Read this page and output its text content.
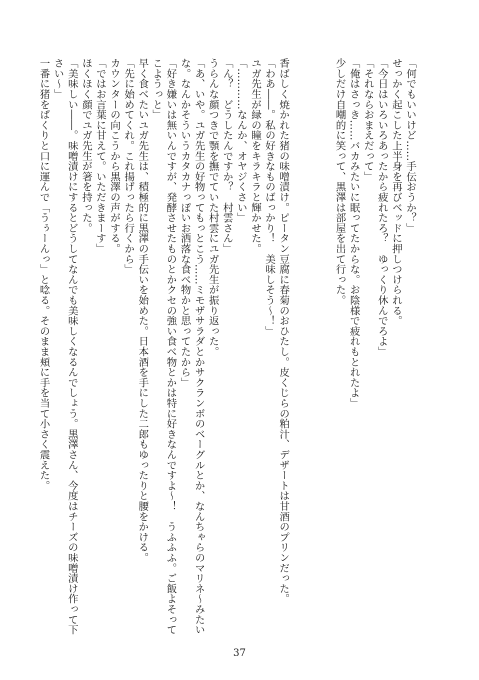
「何でもいいけど……手伝おうか？」
せっかく起こした上半身を再びベッドに押しつけられる。
「今日はいろいろあったから疲れたろ？　ゆっくり休んでろよ」
「それならおまえだって」
「俺はさっき……バカみたいに眠ってたからな。お陰様で疲れもとれたよ」
少しだけ自嘲的に笑って、黒澤は部屋を出て行った。

香ばしく焼かれた猪の味噌漬け。ピータン豆腐に春菊のおひたし。皮くじらの粕汁、デザートは甘酒のプリンだった。
「わあ――。私の好きなものばっかり！　美味しそう～！」
ユガ先生が緑の瞳をキラキラと輝かせた。
「…………なんか、オヤジくさい」
「ん？　どうしたんですか？　村雲さん」
うらんな顔つきで顎を撫でていた村雲にユガ先生が振り返った。
「あ、いや。ユガ先生の好物ってもっとこう……ミモザサラダとかサクランボのベーグルとか、なんちゃらのマリネ～みたい
な。なんかそういうカタカナっぽいお洒落な食べ物かと思ってたから」
「好き嫌いは無いんですが、発酵させたものとかクセの強い食べ物とかは特に好きなんですよ～！　うふふふ。ご飯よそって
こようっと」
早く食べたいユガ先生は、積極的に黒澤の手伝いを始めた。日本酒を手にした二郎もゆったりと腰をかける。
「先に始めてくれ。これ揚げったら行くから」
カウンターの向こうから黒澤の声がする。
「ではお言葉に甘えて。いただきまーす」
ほくほく顔でユガ先生が箸を持った。
「美味しい――。味噌漬けにするとどうしてなんでも美味しくなるんでしょう。黒澤さん、今度はチーズの味噌漬け作って下
さい～」
一番に猪をぱくりと口に運んで「うぅーんっ」と唸る。そのまま頬に手を当て小さく震えた。
37
